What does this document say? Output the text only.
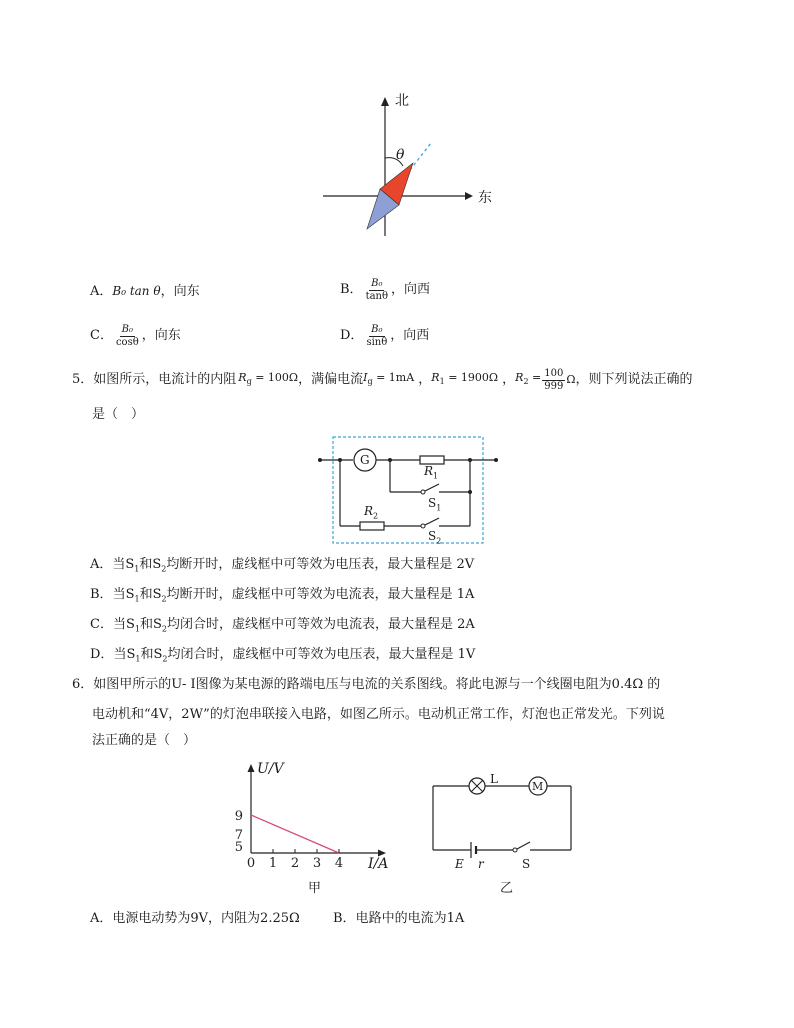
北
东
θ
A．B₀ tan θ，向东	B． $\frac{\text{B₀}}{\tan\theta}$ ，向西
C． $\frac{\text{B₀}}{\cos\theta}$ ，向东	D． $\frac{\text{B₀}}{\sin\theta}$ ，向西
5． 如图所示，电流计的内阻 $R_g = 100\Omega$ ，满偏电流 $I_g = 1mA$ ， $R_1 = 1900\Omega$ ， $R_2 = \frac{100}{999}$ Ω ，则下列说法正确的
是（　）
G
$R_1$
$S_1$
$R_2$
$S_2$
A．当$S_1$和$S_2$均断开时，虚线框中可等效为电压表，最大量程是 2V
B．当$S_1$和$S_2$均断开时，虚线框中可等效为电流表，最大量程是 1A
C．当$S_1$和$S_2$均闭合时，虚线框中可等效为电流表，最大量程是 2A
D．当$S_1$和$S_2$均闭合时，虚线框中可等效为电压表，最大量程是 1V
6．如图甲所示的U- I图像为某电源的路端电压与电流的关系图线。将此电源与一个线圈电阻为0.4Ω 的
电动机和“4V，2W”的灯泡串联接入电路，如图乙所示。电动机正常工作，灯泡也正常发光。下列说
法正确的是（　）
0 1 2 3 4
5
7
9
U/V
I/A
甲
L
M
E r	S
乙
A．电源电动势为9V，内阻为2.25Ω	B．电路中的电流为1A
